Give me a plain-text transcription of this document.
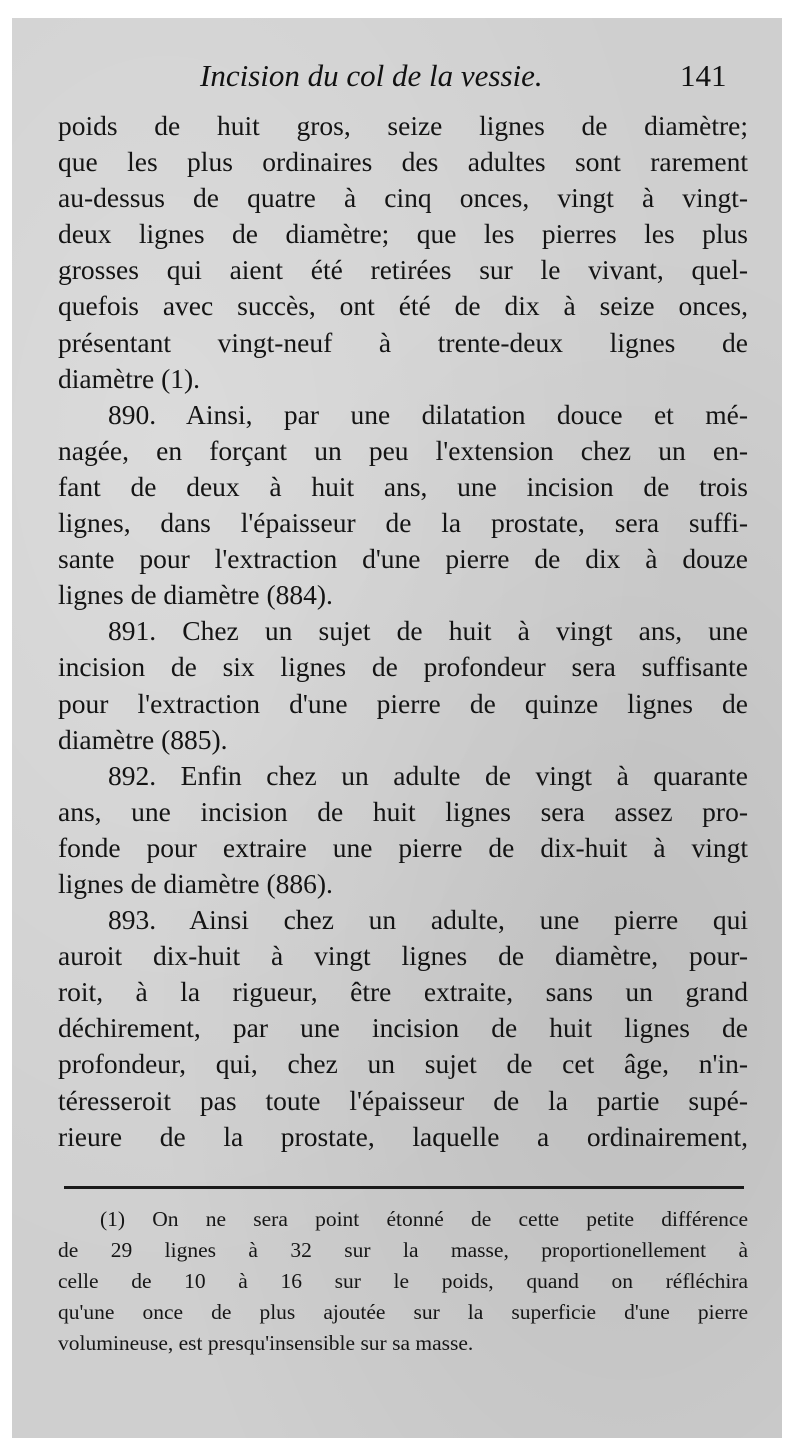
Incision du col de la vessie.	141
poids de huit gros, seize lignes de diamètre;
que les plus ordinaires des adultes sont rarement
au-dessus de quatre à cinq onces, vingt à vingt-
deux lignes de diamètre; que les pierres les plus
grosses qui aient été retirées sur le vivant, quel-
quefois avec succès, ont été de dix à seize onces,
présentant vingt-neuf à trente-deux lignes de
diamètre (1).
890. Ainsi, par une dilatation douce et mé-
nagée, en forçant un peu l'extension chez un en-
fant de deux à huit ans, une incision de trois
lignes, dans l'épaisseur de la prostate, sera suffi-
sante pour l'extraction d'une pierre de dix à douze
lignes de diamètre (884).
891. Chez un sujet de huit à vingt ans, une
incision de six lignes de profondeur sera suffisante
pour l'extraction d'une pierre de quinze lignes de
diamètre (885).
892. Enfin chez un adulte de vingt à quarante
ans, une incision de huit lignes sera assez pro-
fonde pour extraire une pierre de dix-huit à vingt
lignes de diamètre (886).
893. Ainsi chez un adulte, une pierre qui
auroit dix-huit à vingt lignes de diamètre, pour-
roit, à la rigueur, être extraite, sans un grand
déchirement, par une incision de huit lignes de
profondeur, qui, chez un sujet de cet âge, n'in-
téresseroit pas toute l'épaisseur de la partie supé-
rieure de la prostate, laquelle a ordinairement,
(1) On ne sera point étonné de cette petite différence
de 29 lignes à 32 sur la masse, proportionellement à
celle de 10 à 16 sur le poids, quand on réfléchira
qu'une once de plus ajoutée sur la superficie d'une pierre
volumineuse, est presqu'insensible sur sa masse.
